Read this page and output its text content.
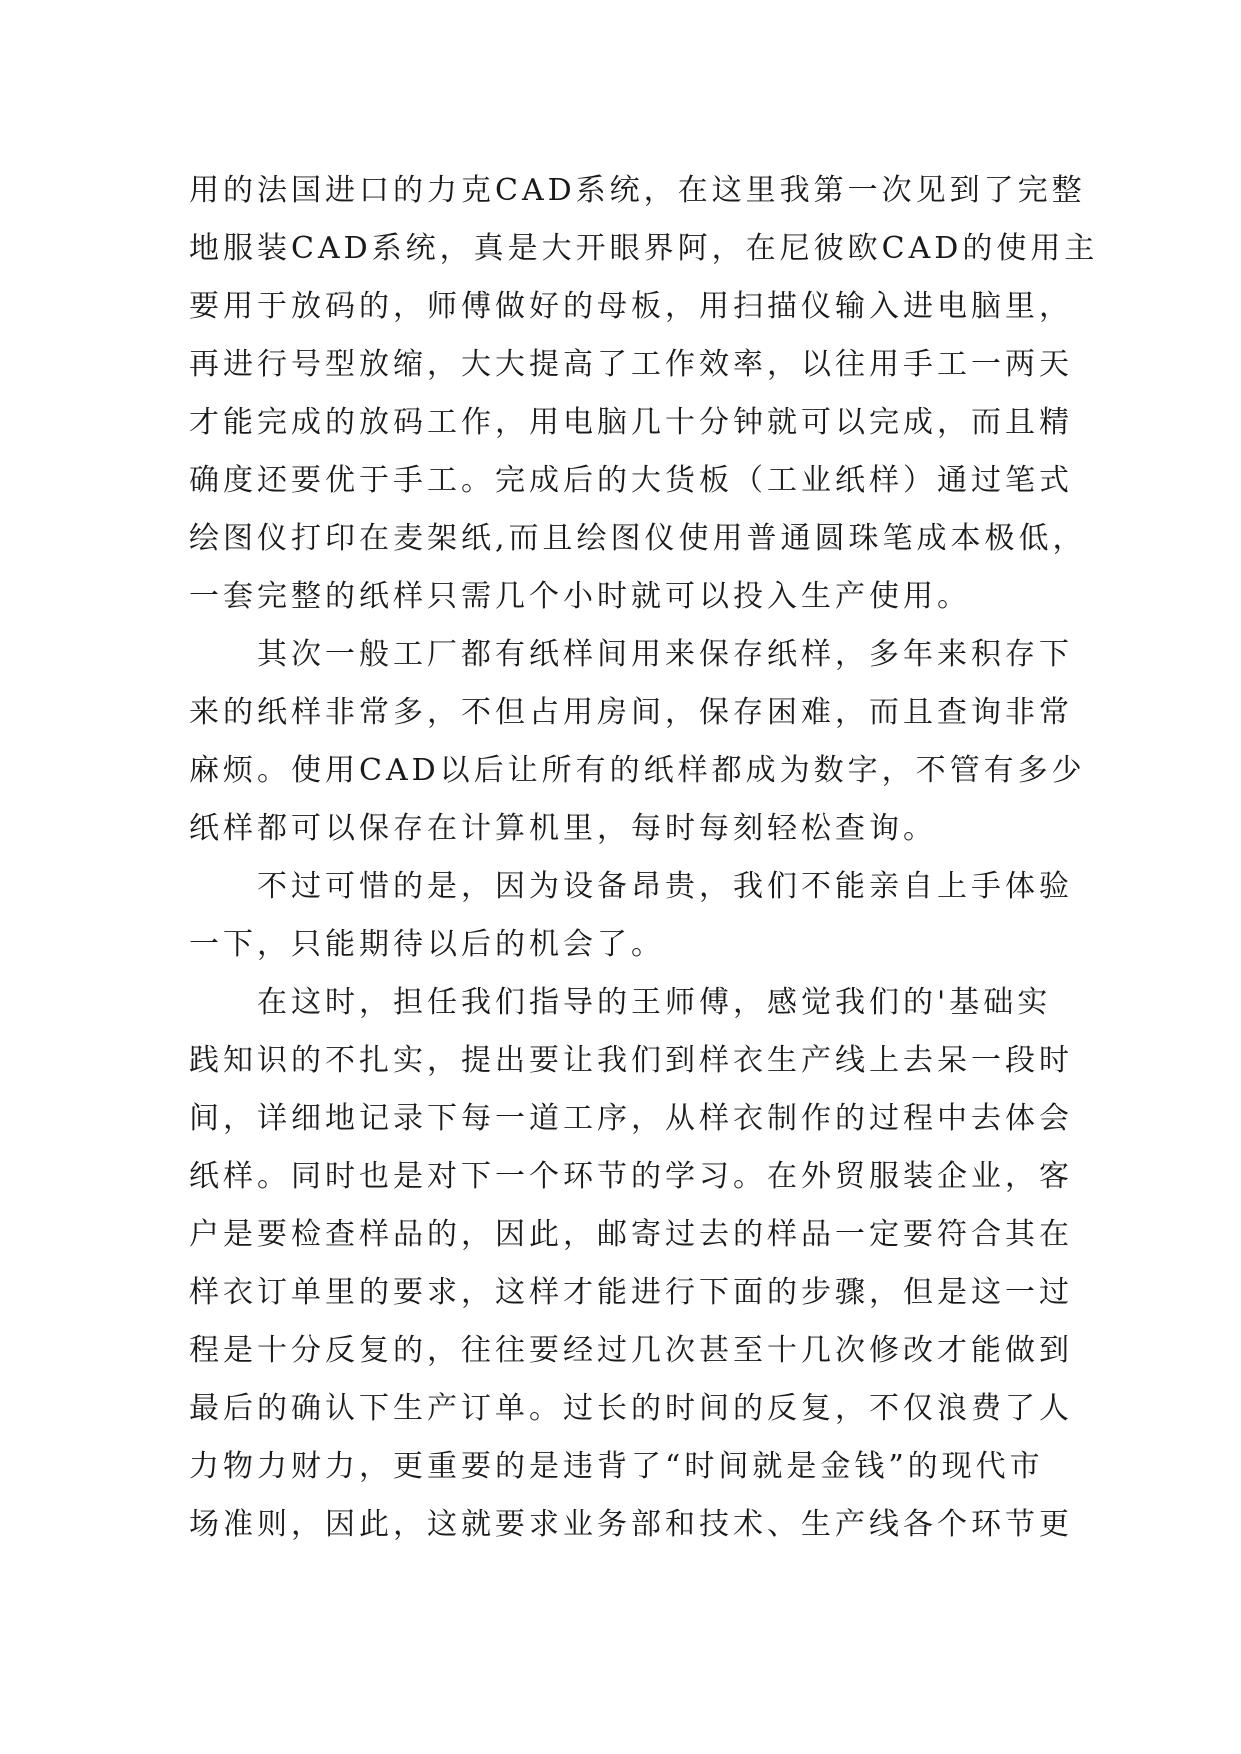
用的法国进口的力克CAD系统，在这里我第一次见到了完整
地服装CAD系统，真是大开眼界阿，在尼彼欧CAD的使用主
要用于放码的，师傅做好的母板，用扫描仪输入进电脑里，
再进行号型放缩，大大提高了工作效率，以往用手工一两天
才能完成的放码工作，用电脑几十分钟就可以完成，而且精
确度还要优于手工。完成后的大货板（工业纸样）通过笔式
绘图仪打印在麦架纸,而且绘图仪使用普通圆珠笔成本极低，
一套完整的纸样只需几个小时就可以投入生产使用。
其次一般工厂都有纸样间用来保存纸样，多年来积存下
来的纸样非常多，不但占用房间，保存困难，而且查询非常
麻烦。使用CAD以后让所有的纸样都成为数字，不管有多少
纸样都可以保存在计算机里，每时每刻轻松查询。
不过可惜的是，因为设备昂贵，我们不能亲自上手体验
一下，只能期待以后的机会了。
在这时，担任我们指导的王师傅，感觉我们的'基础实
践知识的不扎实，提出要让我们到样衣生产线上去呆一段时
间，详细地记录下每一道工序，从样衣制作的过程中去体会
纸样。同时也是对下一个环节的学习。在外贸服装企业，客
户是要检查样品的，因此，邮寄过去的样品一定要符合其在
样衣订单里的要求，这样才能进行下面的步骤，但是这一过
程是十分反复的，往往要经过几次甚至十几次修改才能做到
最后的确认下生产订单。过长的时间的反复，不仅浪费了人
力物力财力，更重要的是违背了“时间就是金钱”的现代市
场准则，因此，这就要求业务部和技术、生产线各个环节更
